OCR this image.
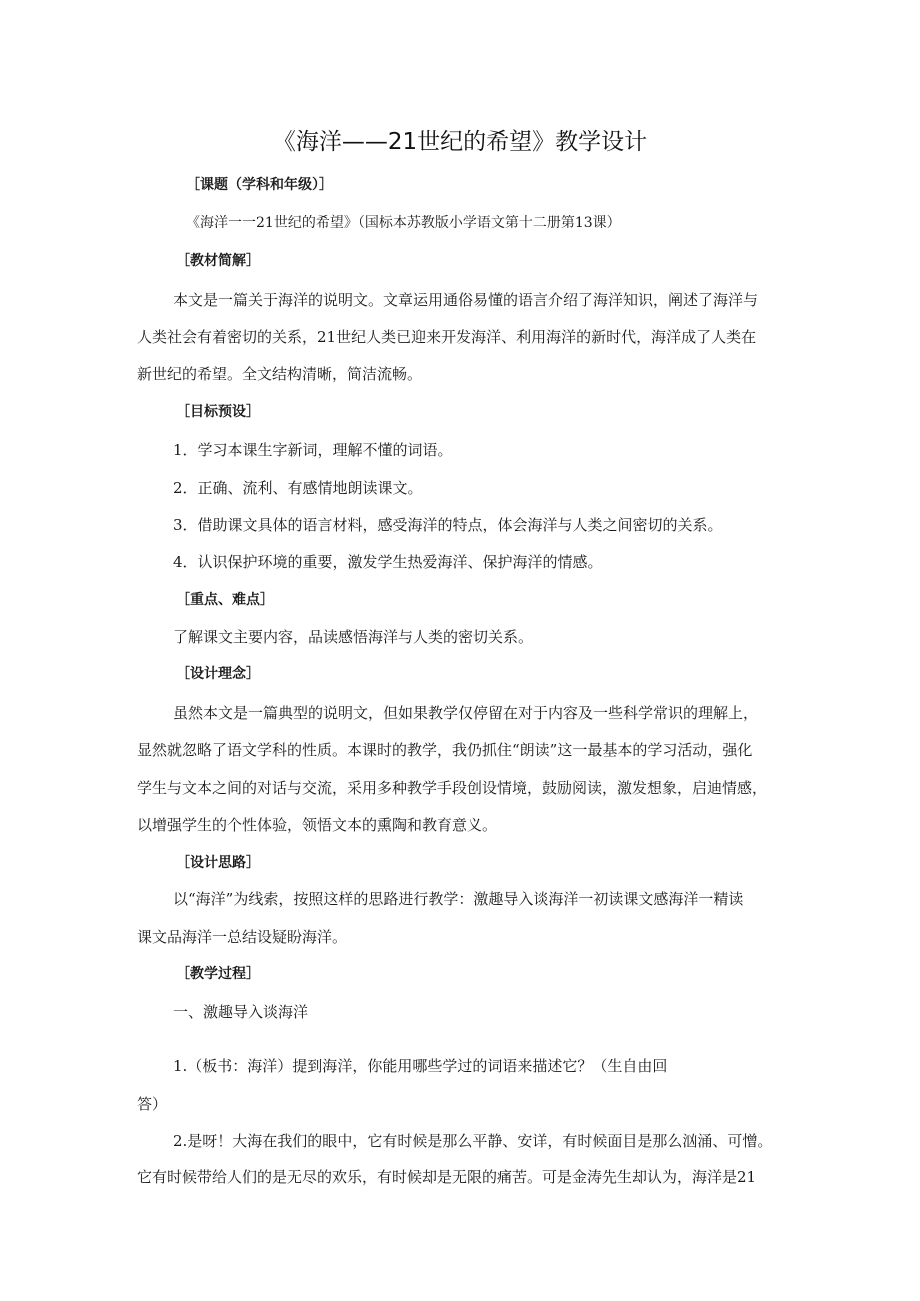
《海洋——21世纪的希望》教学设计
［课题（学科和年级）］
《海洋一一21世纪的希望》（国标本苏教版小学语文第十二册第13课）
［教材简解］
本文是一篇关于海洋的说明文。文章运用通俗易懂的语言介绍了海洋知识，阐述了海洋与
人类社会有着密切的关系，21世纪人类已迎来开发海洋、利用海洋的新时代，海洋成了人类在
新世纪的希望。全文结构清晰，简洁流畅。
［目标预设］
1．学习本课生字新词，理解不懂的词语。
2．正确、流利、有感情地朗读课文。
3．借助课文具体的语言材料，感受海洋的特点，体会海洋与人类之间密切的关系。
4．认识保护环境的重要，激发学生热爱海洋、保护海洋的情感。
［重点、难点］
了解课文主要内容，品读感悟海洋与人类的密切关系。
［设计理念］
虽然本文是一篇典型的说明文，但如果教学仅停留在对于内容及一些科学常识的理解上，
显然就忽略了语文学科的性质。本课时的教学，我仍抓住“朗读”这一最基本的学习活动，强化
学生与文本之间的对话与交流，采用多种教学手段创设情境，鼓励阅读，激发想象，启迪情感，
以增强学生的个性体验，领悟文本的熏陶和教育意义。
［设计思路］
以“海洋”为线索，按照这样的思路进行教学：激趣导入谈海洋一初读课文感海洋一精读
课文品海洋一总结设疑盼海洋。
［教学过程］
一、激趣导入谈海洋
1.（板书：海洋）提到海洋，你能用哪些学过的词语来描述它？（生自由回
答）
2.是呀！大海在我们的眼中，它有时候是那么平静、安详，有时候面目是那么汹涌、可憎。
它有时候带给人们的是无尽的欢乐，有时候却是无限的痛苦。可是金涛先生却认为，海洋是21
